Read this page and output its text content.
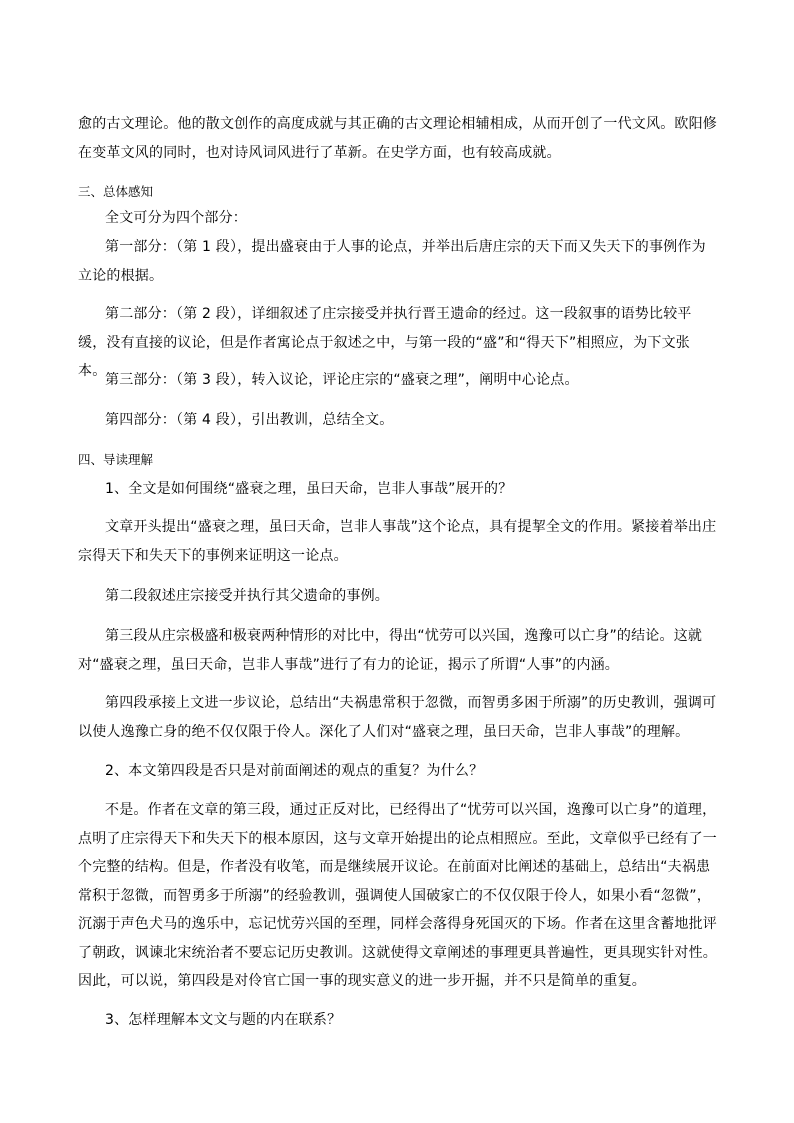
愈的古文理论。他的散文创作的高度成就与其正确的古文理论相辅相成，从而开创了一代文风。欧阳修在变革文风的同时，也对诗风词风进行了革新。在史学方面，也有较高成就。

三、总体感知

全文可分为四个部分：

第一部分：（第 1 段），提出盛衰由于人事的论点，并举出后唐庄宗的天下而又失天下的事例作为立论的根据。

第二部分：（第 2 段），详细叙述了庄宗接受并执行晋王遗命的经过。这一段叙事的语势比较平缓，没有直接的议论，但是作者寓论点于叙述之中，与第一段的“盛”和“得天下”相照应，为下文张本。

第三部分：（第 3 段），转入议论，评论庄宗的“盛衰之理”，阐明中心论点。

第四部分：（第 4 段），引出教训，总结全文。

四、导读理解

1、全文是如何围绕“盛衰之理，虽曰天命，岂非人事哉”展开的？

文章开头提出“盛衰之理，虽曰天命，岂非人事哉”这个论点，具有提挈全文的作用。紧接着举出庄宗得天下和失天下的事例来证明这一论点。

第二段叙述庄宗接受并执行其父遗命的事例。

第三段从庄宗极盛和极衰两种情形的对比中，得出“忧劳可以兴国，逸豫可以亡身”的结论。这就对“盛衰之理，虽曰天命，岂非人事哉”进行了有力的论证，揭示了所谓“人事”的内涵。

第四段承接上文进一步议论，总结出“夫祸患常积于忽微，而智勇多困于所溺”的历史教训，强调可以使人逸豫亡身的绝不仅仅限于伶人。深化了人们对“盛衰之理，虽曰天命，岂非人事哉”的理解。

2、本文第四段是否只是对前面阐述的观点的重复？为什么？

不是。作者在文章的第三段，通过正反对比，已经得出了“忧劳可以兴国，逸豫可以亡身”的道理，点明了庄宗得天下和失天下的根本原因，这与文章开始提出的论点相照应。至此，文章似乎已经有了一个完整的结构。但是，作者没有收笔，而是继续展开议论。在前面对比阐述的基础上，总结出“夫祸患常积于忽微，而智勇多于所溺”的经验教训，强调使人国破家亡的不仅仅限于伶人，如果小看“忽微”，沉溺于声色犬马的逸乐中，忘记忧劳兴国的至理，同样会落得身死国灭的下场。作者在这里含蓄地批评了朝政，讽谏北宋统治者不要忘记历史教训。这就使得文章阐述的事理更具普遍性，更具现实针对性。因此，可以说，第四段是对伶官亡国一事的现实意义的进一步开掘，并不只是简单的重复。

3、怎样理解本文文与题的内在联系？
